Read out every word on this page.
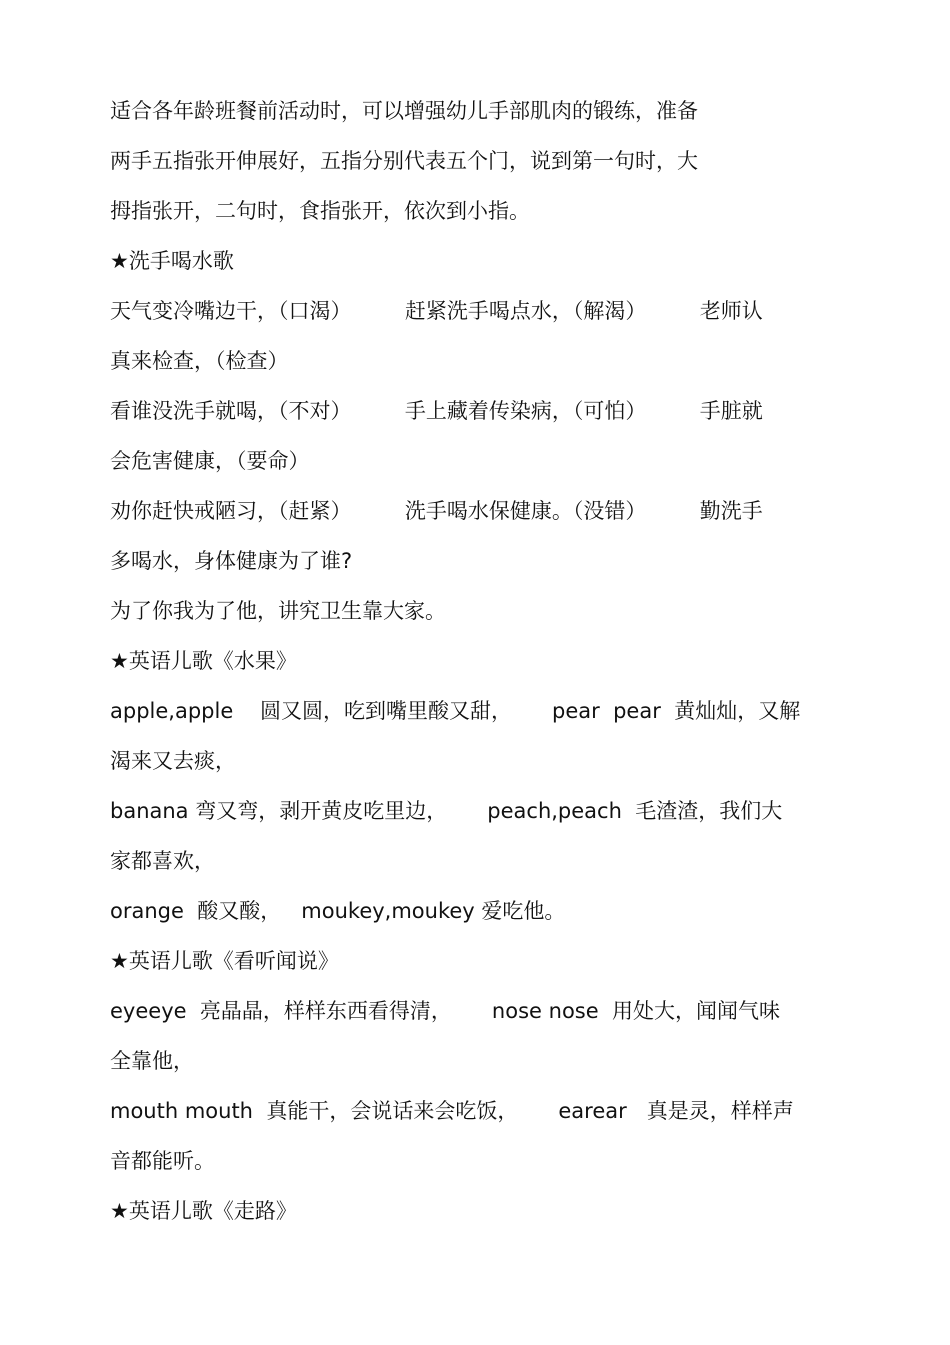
适合各年龄班餐前活动时，可以增强幼儿手部肌肉的锻练，准备
两手五指张开伸展好，五指分别代表五个门，说到第一句时，大
拇指张开，二句时，食指张开，依次到小指。
★洗手喝水歌
天气变冷嘴边干，（口渴）        赶紧洗手喝点水，（解渴）        老师认
真来检查，（检查）
看谁没洗手就喝，（不对）        手上藏着传染病，（可怕）        手脏就
会危害健康，（要命）
劝你赶快戒陋习，（赶紧）        洗手喝水保健康。（没错）        勤洗手
多喝水，身体健康为了谁?
为了你我为了他，讲究卫生靠大家。
★英语儿歌《水果》
apple,apple    圆又圆，吃到嘴里酸又甜，      pear  pear  黄灿灿，又解
渴来又去痰，
banana 弯又弯，剥开黄皮吃里边，      peach,peach  毛渣渣，我们大
家都喜欢，
orange  酸又酸，   moukey,moukey 爱吃他。
★英语儿歌《看听闻说》
eyeeye  亮晶晶，样样东西看得清，      nose nose  用处大，闻闻气味
全靠他，
mouth mouth  真能干，会说话来会吃饭，      earear   真是灵，样样声
音都能听。
★英语儿歌《走路》
